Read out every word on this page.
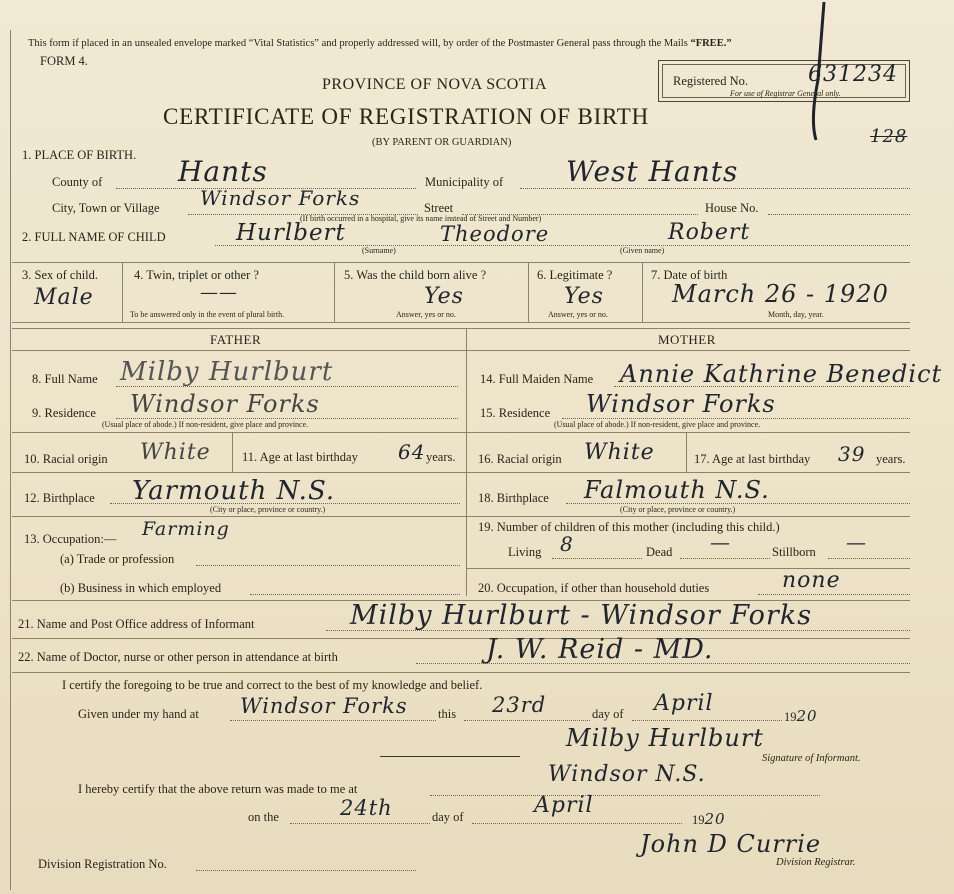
This form if placed in an unsealed envelope marked “Vital Statistics” and properly addressed will, by order of the Postmaster General pass through the Mails “FREE.”
FORM 4.
PROVINCE OF NOVA SCOTIA
CERTIFICATE OF REGISTRATION OF BIRTH
(BY PARENT OR GUARDIAN)
Registered No.	631234
For use of Registrar General only.
128
1. PLACE OF BIRTH.
County of	Hants	Municipality of West Hants
City, Town or Village Windsor Forks	Street	House No.
(If birth occurred in a hospital, give its name instead of Street and Number)
2. FULL NAME OF CHILD	Hurlbert	Theodore	Robert
(Surname)	(Given name)
3. Sex of child.
Male
4. Twin, triplet or other ?
——
To be answered only in the event of plural birth.
5. Was the child born alive ?
Yes
Answer, yes or no.
6. Legitimate ?
Yes
Answer, yes or no.
7. Date of birth
March 26 - 1920
Month, day, year.
FATHER	MOTHER
8. Full Name Milby Hurlburt
9. Residence Windsor Forks
(Usual place of abode.) If non-resident, give place and province.
10. Racial origin White	11. Age at last birthday 64 years.
12. Birthplace Yarmouth N.S.
(City or place, province or country.)
13. Occupation:— Farming
(a) Trade or profession
(b) Business in which employed
14. Full Maiden Name Annie Kathrine Benedict
15. Residence Windsor Forks
(Usual place of abode.) If non-resident, give place and province.
16. Racial origin White	17. Age at last birthday 39 years.
18. Birthplace Falmouth N.S.
(City or place, province or country.)
19. Number of children of this mother (including this child.)
Living 8	Dead —	Stillborn —
20. Occupation, if other than household duties	none
21. Name and Post Office address of Informant	Milby Hurlburt - Windsor Forks
22. Name of Doctor, nurse or other person in attendance at birth	J. W. Reid - MD.
I certify the foregoing to be true and correct to the best of my knowledge and belief.
Given under my hand at Windsor Forks this 23rd	day of April
1920
Milby Hurlburt
Signature of Informant.
I hereby certify that the above return was made to me at
Windsor N.S.
on the	24th	day of	April
1920
Division Registration No.
John D Currie
Division Registrar.
